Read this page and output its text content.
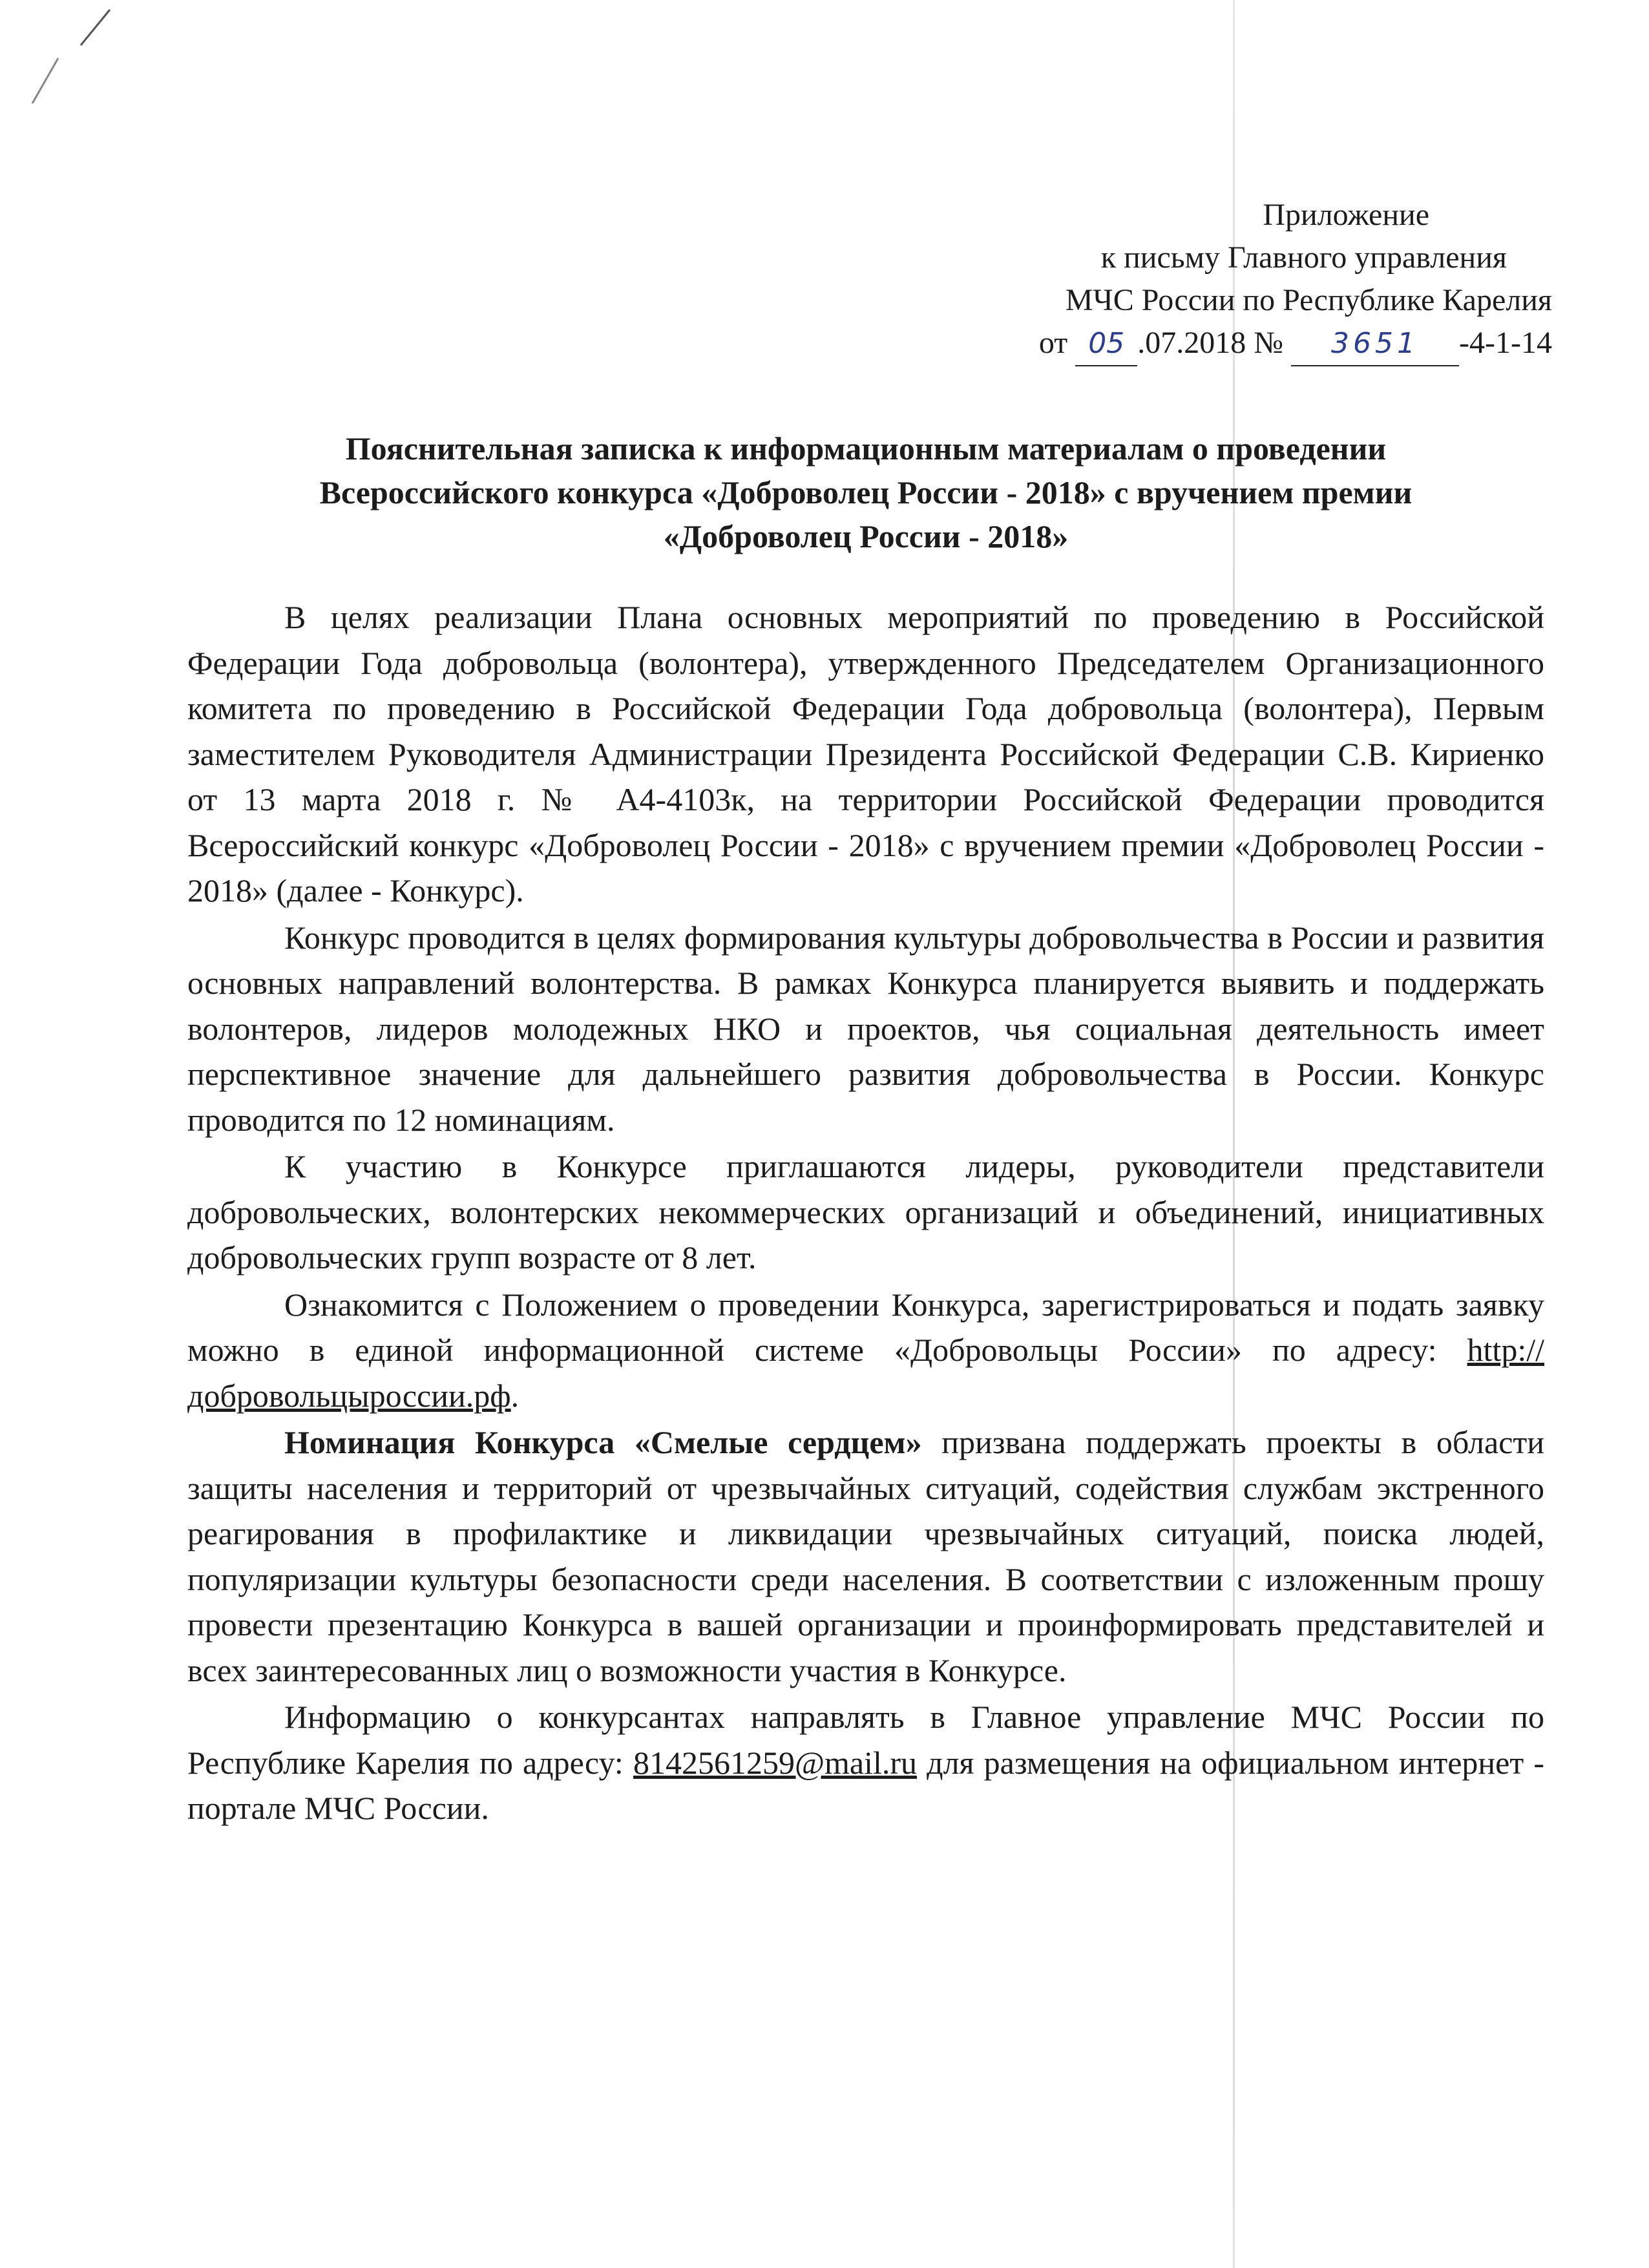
Приложение
к письму Главного управления
МЧС России по Республике Карелия
от 05 .07.2018 № 3651 -4-1-14
Пояснительная записка к информационным материалам о проведении
Всероссийского конкурса «Доброволец России - 2018» с вручением премии
«Доброволец России - 2018»

В целях реализации Плана основных мероприятий по проведению в Российской Федерации Года добровольца (волонтера), утвержденного Председателем Организационного комитета по проведению в Российской Федерации Года добровольца (волонтера), Первым заместителем Руководителя Администрации Президента Российской Федерации С.В. Кириенко от 13 марта 2018 г. № А4-4103к, на территории Российской Федерации проводится Всероссийский конкурс «Доброволец России - 2018» с вручением премии «Доброволец России - 2018» (далее - Конкурс).

Конкурс проводится в целях формирования культуры добровольчества в России и развития основных направлений волонтерства. В рамках Конкурса планируется выявить и поддержать волонтеров, лидеров молодежных НКО и проектов, чья социальная деятельность имеет перспективное значение для дальнейшего развития добровольчества в России. Конкурс проводится по 12 номинациям.

К участию в Конкурсе приглашаются лидеры, руководители представители добровольческих, волонтерских некоммерческих организаций и объединений, инициативных добровольческих групп возрасте от 8 лет.

Ознакомится с Положением о проведении Конкурса, зарегистрироваться и подать заявку можно в единой информационной системе «Добровольцы России» по адресу: http://добровольцыроссии.рф.

Номинация Конкурса «Смелые сердцем» призвана поддержать проекты в области защиты населения и территорий от чрезвычайных ситуаций, содействия службам экстренного реагирования в профилактике и ликвидации чрезвычайных ситуаций, поиска людей, популяризации культуры безопасности среди населения. В соответствии с изложенным прошу провести презентацию Конкурса в вашей организации и проинформировать представителей и всех заинтересованных лиц о возможности участия в Конкурсе.

Информацию о конкурсантах направлять в Главное управление МЧС России по Республике Карелия по адресу: 8142561259@mail.ru для размещения на официальном интернет - портале МЧС России.
